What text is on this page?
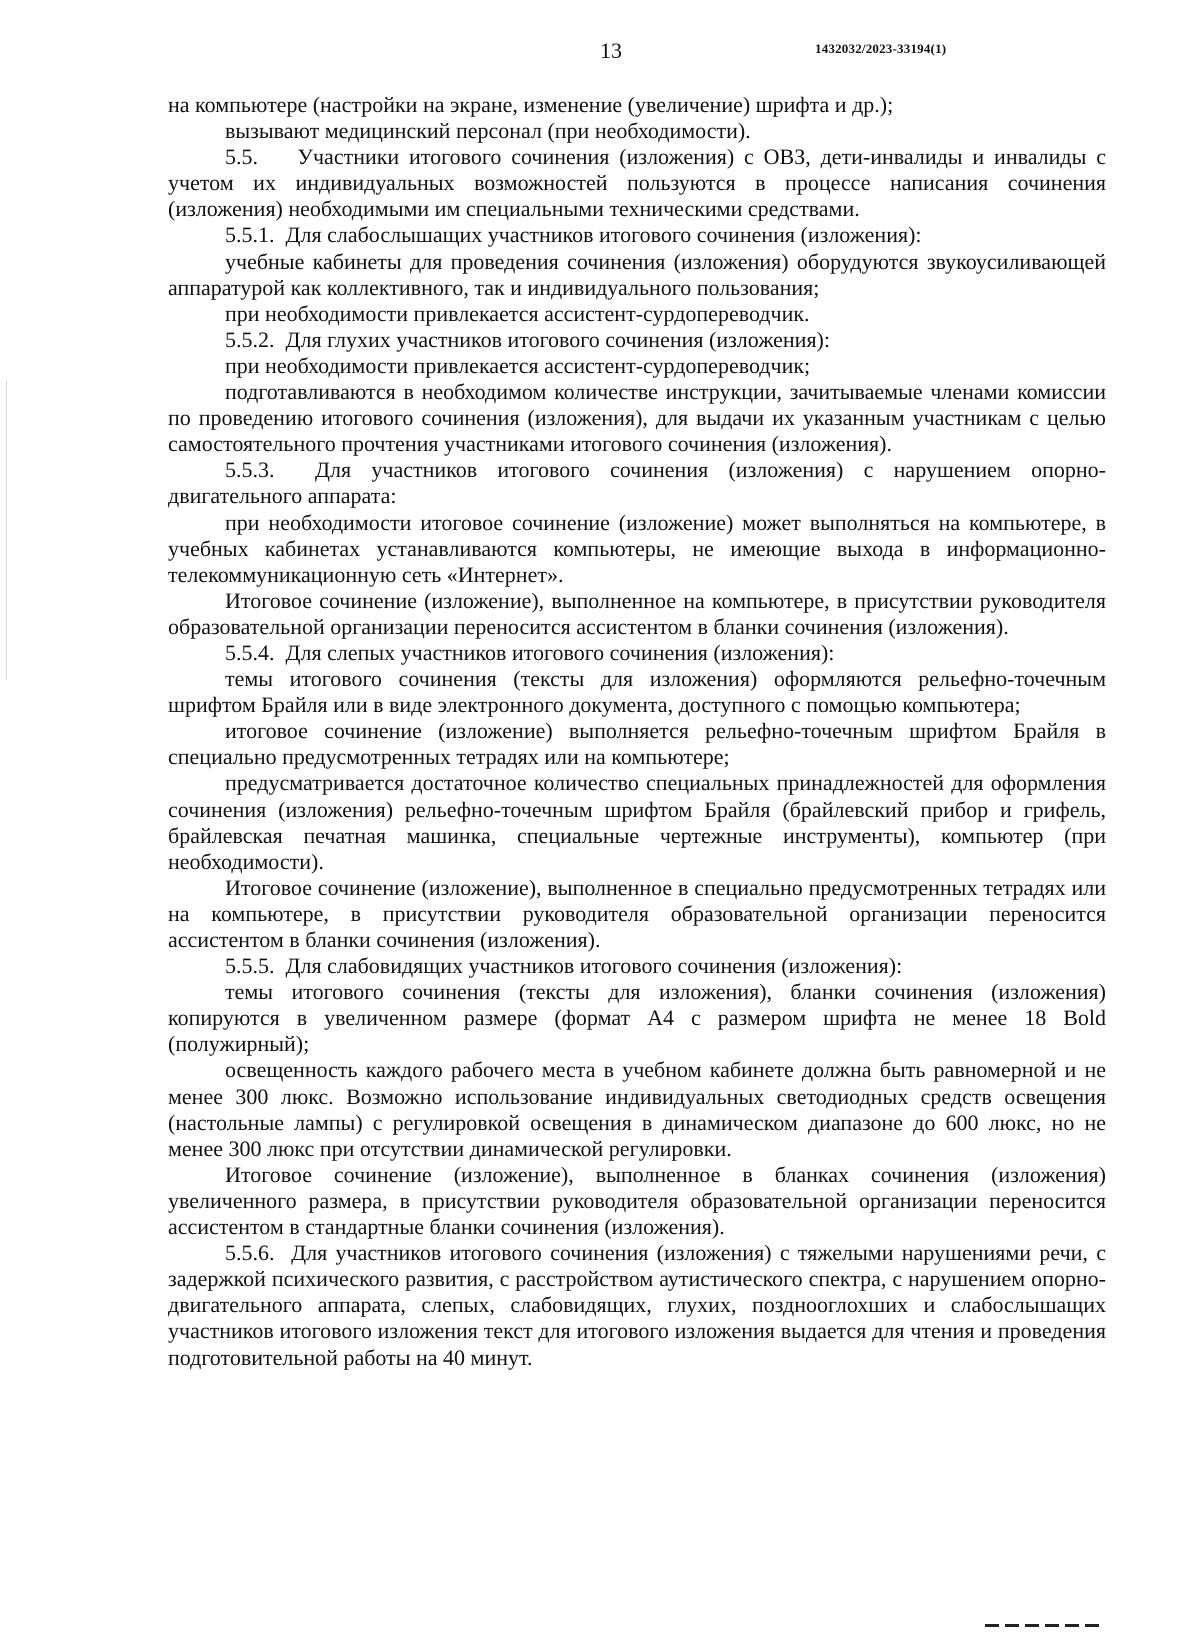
13	1432032/2023-33194(1)

на компьютере (настройки на экране, изменение (увеличение) шрифта и др.);

вызывают медицинский персонал (при необходимости).

5.5.    Участники итогового сочинения (изложения) с ОВЗ, дети-инвалиды и инвалиды с учетом их индивидуальных возможностей пользуются в процессе написания сочинения (изложения) необходимыми им специальными техническими средствами.

5.5.1.  Для слабослышащих участников итогового сочинения (изложения):

учебные кабинеты для проведения сочинения (изложения) оборудуются звукоусиливающей аппаратурой как коллективного, так и индивидуального пользования;

при необходимости привлекается ассистент-сурдопереводчик.

5.5.2.  Для глухих участников итогового сочинения (изложения):

при необходимости привлекается ассистент-сурдопереводчик;

подготавливаются в необходимом количестве инструкции, зачитываемые членами комиссии по проведению итогового сочинения (изложения), для выдачи их указанным участникам с целью самостоятельного прочтения участниками итогового сочинения (изложения).

5.5.3.  Для участников итогового сочинения (изложения) с нарушением опорно-двигательного аппарата:

при необходимости итоговое сочинение (изложение) может выполняться на компьютере, в учебных кабинетах устанавливаются компьютеры, не имеющие выхода в информационно-телекоммуникационную сеть «Интернет».

Итоговое сочинение (изложение), выполненное на компьютере, в присутствии руководителя образовательной организации переносится ассистентом в бланки сочинения (изложения).

5.5.4.  Для слепых участников итогового сочинения (изложения):

темы итогового сочинения (тексты для изложения) оформляются рельефно-точечным шрифтом Брайля или в виде электронного документа, доступного с помощью компьютера;

итоговое сочинение (изложение) выполняется рельефно-точечным шрифтом Брайля в специально предусмотренных тетрадях или на компьютере;

предусматривается достаточное количество специальных принадлежностей для оформления сочинения (изложения) рельефно-точечным шрифтом Брайля (брайлевский прибор и грифель, брайлевская печатная машинка, специальные чертежные инструменты), компьютер (при необходимости).

Итоговое сочинение (изложение), выполненное в специально предусмотренных тетрадях или на компьютере, в присутствии руководителя образовательной организации переносится ассистентом в бланки сочинения (изложения).

5.5.5.  Для слабовидящих участников итогового сочинения (изложения):

темы итогового сочинения (тексты для изложения), бланки сочинения (изложения) копируются в увеличенном размере (формат А4 с размером шрифта не менее 18 Bold (полужирный);

освещенность каждого рабочего места в учебном кабинете должна быть равномерной и не менее 300 люкс. Возможно использование индивидуальных светодиодных средств освещения (настольные лампы) с регулировкой освещения в динамическом диапазоне до 600 люкс, но не менее 300 люкс при отсутствии динамической регулировки.

Итоговое сочинение (изложение), выполненное в бланках сочинения (изложения) увеличенного размера, в присутствии руководителя образовательной организации переносится ассистентом в стандартные бланки сочинения (изложения).

5.5.6.  Для участников итогового сочинения (изложения) с тяжелыми нарушениями речи, с задержкой психического развития, с расстройством аутистического спектра, с нарушением опорно-двигательного аппарата, слепых, слабовидящих, глухих, позднооглохших и слабослышащих участников итогового изложения текст для итогового изложения выдается для чтения и проведения подготовительной работы на 40 минут.
